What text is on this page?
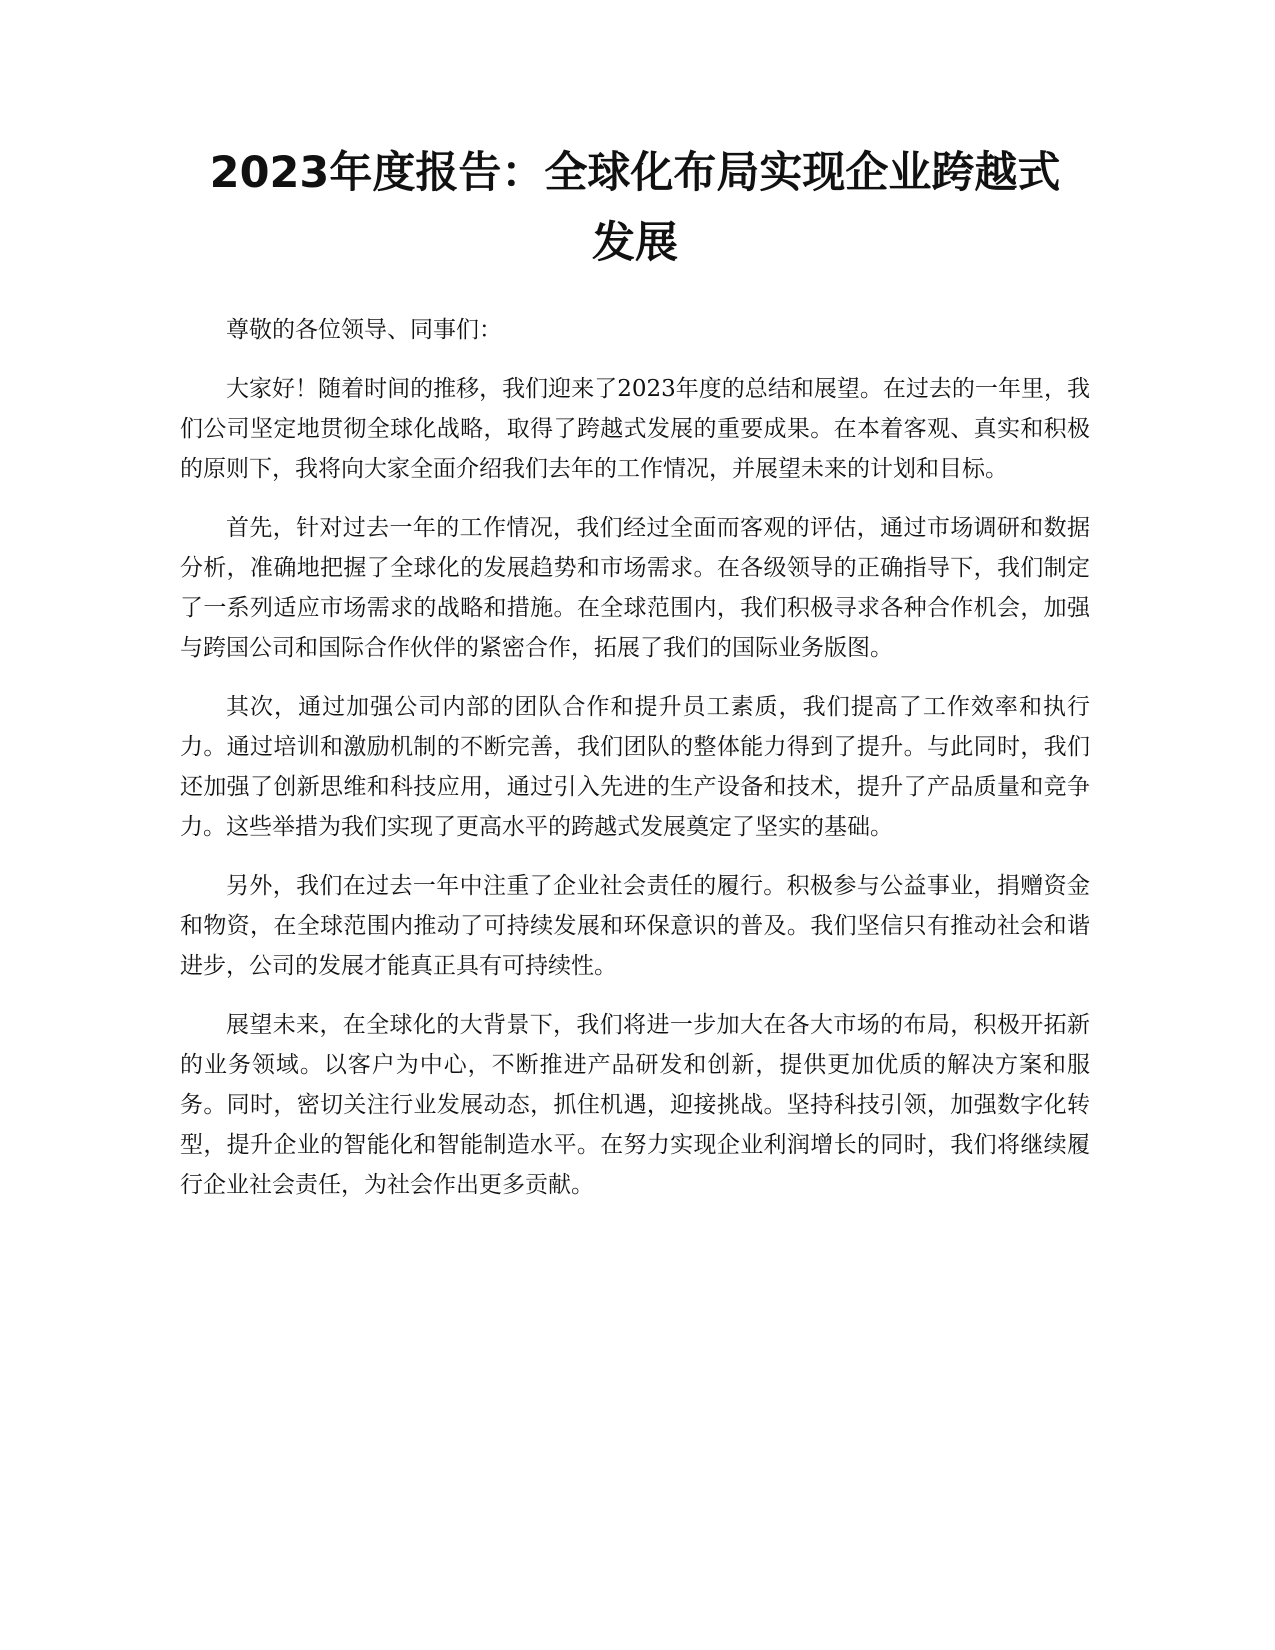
2023年度报告：全球化布局实现企业跨越式
发展

尊敬的各位领导、同事们：

大家好！随着时间的推移，我们迎来了2023年度的总结和展望。在过去的一年里，我们公司坚定地贯彻全球化战略，取得了跨越式发展的重要成果。在本着客观、真实和积极的原则下，我将向大家全面介绍我们去年的工作情况，并展望未来的计划和目标。

首先，针对过去一年的工作情况，我们经过全面而客观的评估，通过市场调研和数据分析，准确地把握了全球化的发展趋势和市场需求。在各级领导的正确指导下，我们制定了一系列适应市场需求的战略和措施。在全球范围内，我们积极寻求各种合作机会，加强与跨国公司和国际合作伙伴的紧密合作，拓展了我们的国际业务版图。

其次，通过加强公司内部的团队合作和提升员工素质，我们提高了工作效率和执行力。通过培训和激励机制的不断完善，我们团队的整体能力得到了提升。与此同时，我们还加强了创新思维和科技应用，通过引入先进的生产设备和技术，提升了产品质量和竞争力。这些举措为我们实现了更高水平的跨越式发展奠定了坚实的基础。

另外，我们在过去一年中注重了企业社会责任的履行。积极参与公益事业，捐赠资金和物资，在全球范围内推动了可持续发展和环保意识的普及。我们坚信只有推动社会和谐进步，公司的发展才能真正具有可持续性。

展望未来，在全球化的大背景下，我们将进一步加大在各大市场的布局，积极开拓新的业务领域。以客户为中心，不断推进产品研发和创新，提供更加优质的解决方案和服务。同时，密切关注行业发展动态，抓住机遇，迎接挑战。坚持科技引领，加强数字化转型，提升企业的智能化和智能制造水平。在努力实现企业利润增长的同时，我们将继续履行企业社会责任，为社会作出更多贡献。
